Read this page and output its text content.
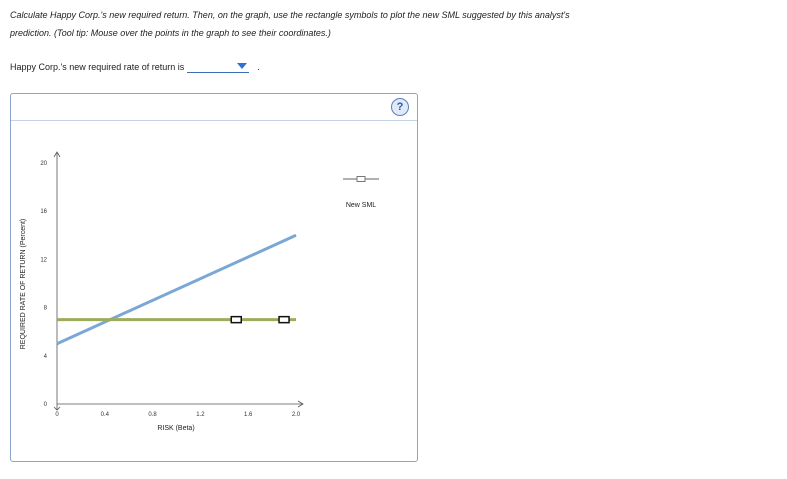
Calculate Happy Corp.'s new required return. Then, on the graph, use the rectangle symbols to plot the new SML suggested by this analyst's
prediction. (Tool tip: Mouse over the points in the graph to see their coordinates.)
Happy Corp.'s new required rate of return is	.
?
0	0.4	0.8	1.2	1.6	2.0
0
4
8
12
16
20
RISK (Beta)
REQUIRED RATE OF RETURN (Percent)
New SML
